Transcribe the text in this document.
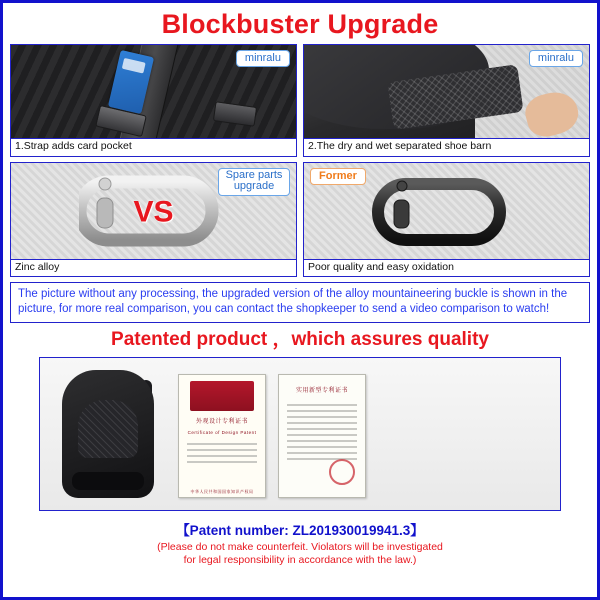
Blockbuster Upgrade
minralu
1.Strap adds card pocket
minralu
2.The dry and wet separated shoe barn
VS
Spare parts upgrade
Zinc alloy
Former
Poor quality and easy oxidation
The picture without any processing, the upgraded version of the alloy mountaineering buckle is shown in the picture, for more real comparison, you can contact the shopkeeper to send a video comparison to watch!
Patented product ，which assures quality
外观设计专利证书
Certificate of Design Patent
中华人民共和国国家知识产权局
实用新型专利证书
【Patent number: ZL201930019941.3】
(Please do not make counterfeit. Violators will be investigated
for legal responsibility in accordance with the law.)
